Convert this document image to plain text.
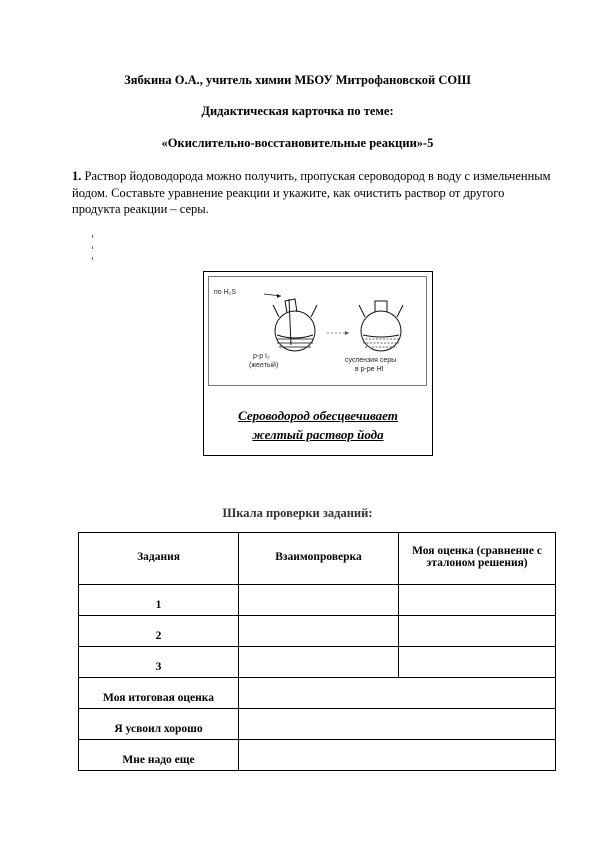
Зябкина О.А., учитель химии МБОУ Митрофановской СОШ
Дидактическая карточка по теме:
«Окислительно-восстановительные реакции»-5
1. Раствор йодоводорода можно получить, пропуская сероводород в воду с измельченным йодом. Составьте уравнение реакции и укажите, как очистить раствор от другого продукта реакции – серы.
по H₂S
p-p I₂
(желтый)
суспензия серы
в р-ре HI
Сероводород обесцвечивает
желтый раствор йода
Шкала проверки заданий:
Задания	Взаимопроверка	Моя оценка (сравнение с эталоном решения)
1		
2		
3		
Моя итоговая оценка		
Я усвоил хорошо		
Мне надо еще		
